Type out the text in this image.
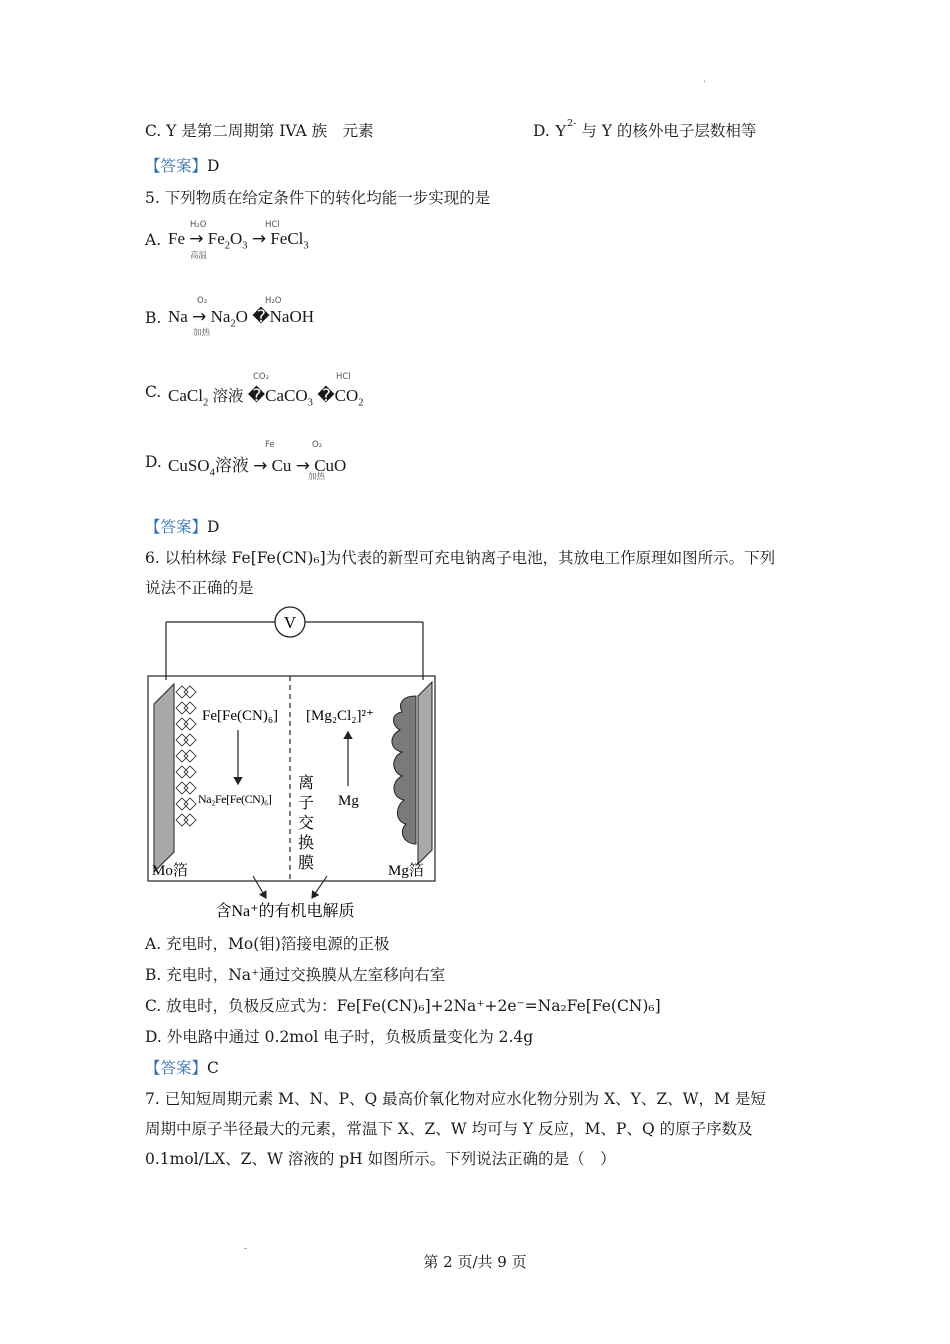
ʻ
C. Y 是第二周期第 IVA 族　元素	D. $Y^{2-}$ 与 Y 的核外电子层数相等
【答案】D
5. 下列物质在给定条件下的转化均能一步实现的是
A. $Fe \to Fe_2O_3$ → FeCl$_3$
H₂O
高温
HCl
B. $Na \to Na_2O$ �NaOH
O₂
加热
H₂O
C. CaCl$_2$ 溶液 �CaCO$_3$ $�CO_2$
CO₂	HCl
D. CuSO$_4$溶液 → Cu → CuO
Fe	O₂
加热
【答案】D
6. 以柏林绿 Fe[Fe(CN)₆]为代表的新型可充电钠离子电池，其放电工作原理如图所示。下列
说法不正确的是
V
Fe[Fe(CN)₆]
Na₂Fe[Fe(CN)₆]
[Mg₂Cl₂]²⁺
Mg
离
子
交
换
膜
Mo箔	Mg箔
含Na⁺的有机电解质
A. 充电时，Mo(钼)箔接电源的正极
B. 充电时，Na⁺通过交换膜从左室移向右室
C. 放电时，负极反应式为：Fe[Fe(CN)₆]+2Na⁺+2e⁻=Na₂Fe[Fe(CN)₆]
D. 外电路中通过 0.2mol 电子时，负极质量变化为 2.4g
【答案】C
7. 已知短周期元素 M、N、P、Q 最高价氧化物对应水化物分别为 X、Y、Z、W，M 是短
周期中原子半径最大的元素，常温下 X、Z、W 均可与 Y 反应，M、P、Q 的原子序数及
0.1mol/LX、Z、W 溶液的 pH 如图所示。下列说法正确的是（　）
-
第 2 页/共 9 页
